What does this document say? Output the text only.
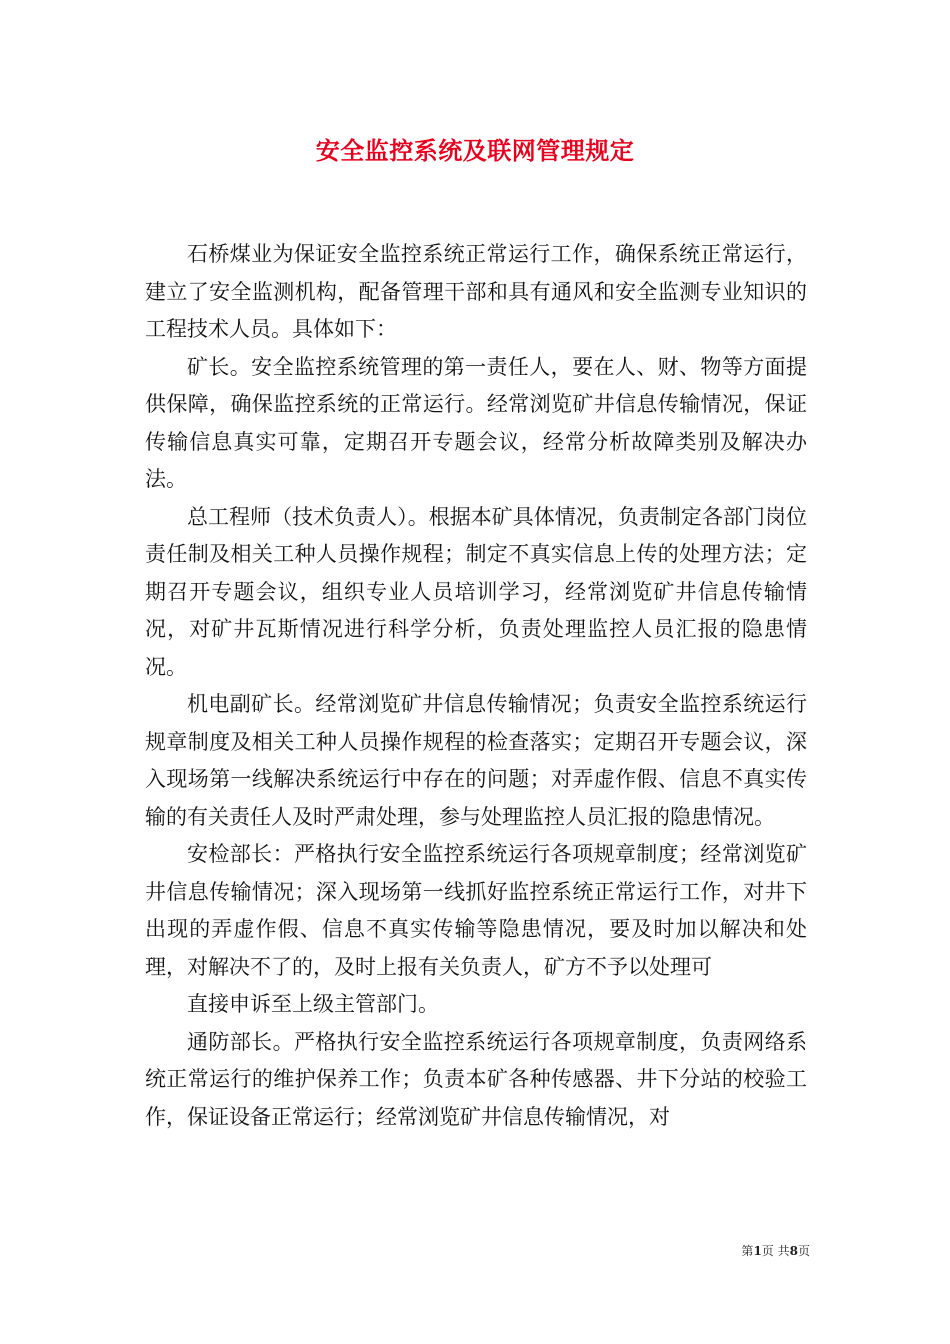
安全监控系统及联网管理规定

石桥煤业为保证安全监控系统正常运行工作，确保系统正常运行，建立了安全监测机构，配备管理干部和具有通风和安全监测专业知识的工程技术人员。具体如下：

矿长。安全监控系统管理的第一责任人，要在人、财、物等方面提供保障，确保监控系统的正常运行。经常浏览矿井信息传输情况，保证传输信息真实可靠，定期召开专题会议，经常分析故障类别及解决办法。

总工程师（技术负责人）。根据本矿具体情况，负责制定各部门岗位责任制及相关工种人员操作规程；制定不真实信息上传的处理方法；定期召开专题会议，组织专业人员培训学习，经常浏览矿井信息传输情况，对矿井瓦斯情况进行科学分析，负责处理监控人员汇报的隐患情况。

机电副矿长。经常浏览矿井信息传输情况；负责安全监控系统运行规章制度及相关工种人员操作规程的检查落实；定期召开专题会议，深入现场第一线解决系统运行中存在的问题；对弄虚作假、信息不真实传输的有关责任人及时严肃处理，参与处理监控人员汇报的隐患情况。

安检部长：严格执行安全监控系统运行各项规章制度；经常浏览矿井信息传输情况；深入现场第一线抓好监控系统正常运行工作，对井下出现的弄虚作假、信息不真实传输等隐患情况，要及时加以解决和处理，对解决不了的，及时上报有关负责人，矿方不予以处理可

直接申诉至上级主管部门。

通防部长。严格执行安全监控系统运行各项规章制度，负责网络系统正常运行的维护保养工作；负责本矿各种传感器、井下分站的校验工作，保证设备正常运行；经常浏览矿井信息传输情况，对

第1页 共8页
